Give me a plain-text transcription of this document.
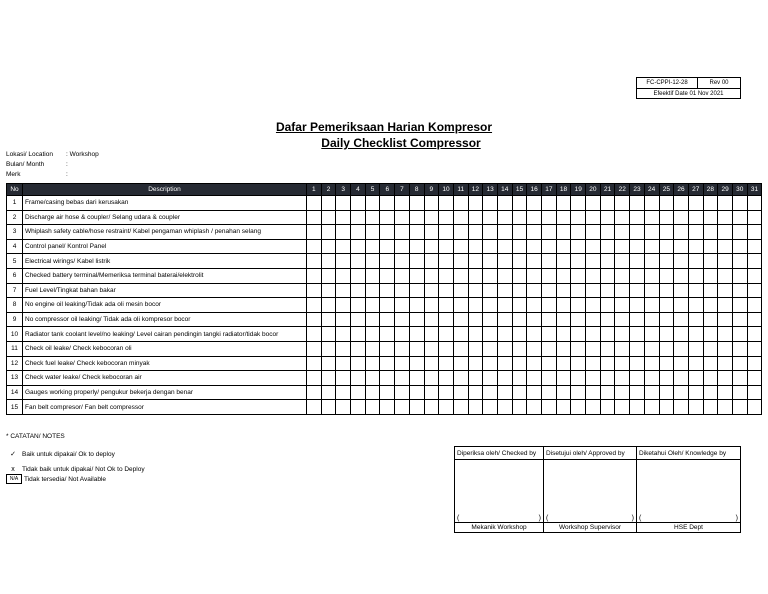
FC-CPPI-12-28	Rev 00
Efeektif Date 01 Nov 2021
Dafar Pemeriksaan Harian Kompresor
Daily Checklist Compressor
Lokasi/ Location : Workshop
Bulan/ Month	:
Merk	:
No	Description	1	2	3	4	5	6	7	8	9	10	11	12	13	14	15	16	17	18	19	20	21	22	23	24	25	26	27	28	29	30	31
1	Frame/casing bebas dari kerusakan																															
2	Discharge air hose & coupler/ Selang udara & coupler																															
3	Whiplash safety cable/hose restraint/ Kabel pengaman whiplash / penahan selang																															
4	Control panel/ Kontrol Panel																															
5	Electrical wirings/ Kabel listrik																															
6	Checked battery terminal/Memeriksa terminal baterai/elektrolit																															
7	Fuel Level/Tingkat bahan bakar																															
8	No engine oil leaking/Tidak ada oli mesin bocor																															
9	No compressor oil leaking/ Tidak ada oli kompresor bocor																															
10	Radiator tank coolant level/no leaking/ Level cairan pendingin tangki radiator/tidak bocor																															
11	Check oil leake/ Check kebocoran oli																															
12	Check fuel leake/ Check kebocoran minyak																															
13	Check water leake/ Check kebocoran air																															
14	Gauges working properly/ pengukur bekerja dengan benar																															
15	Fan belt compresor/ Fan belt compressor																															
* CATATAN/ NOTES
✓ Baik untuk dipakai/ Ok to deploy
x	Tidak baik untuk dipakai/ Not Ok to Deploy
N/A Tidak tersedia/ Not Available
Diperiksa oleh/ Checked by	Disetujui oleh/ Approved by	Diketahui Oleh/ Knowledge by

( )	( )	( )

Mekanik Workshop	Workshop Supervisor	HSE Dept
